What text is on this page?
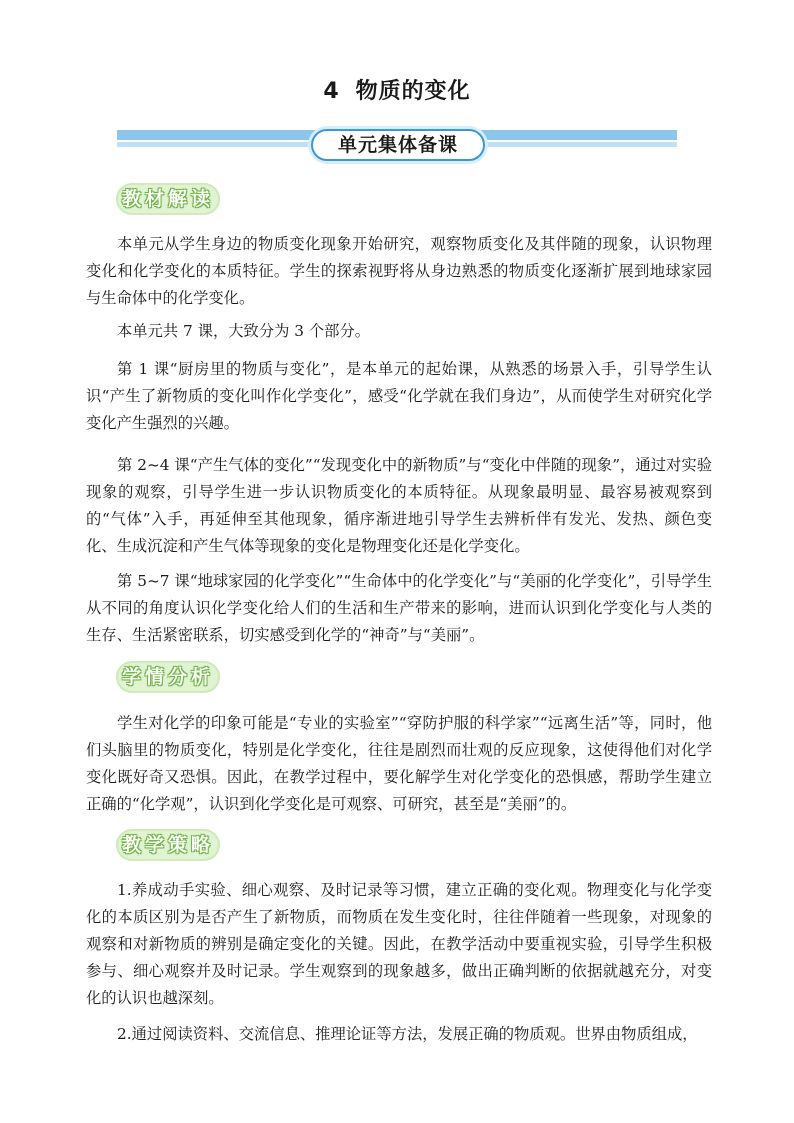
4 物质的变化
单元集体备课
教材解读

本单元从学生身边的物质变化现象开始研究，观察物质变化及其伴随的现象，认识物理变化和化学变化的本质特征。学生的探索视野将从身边熟悉的物质变化逐渐扩展到地球家园与生命体中的化学变化。

本单元共 7 课，大致分为 3 个部分。

第 1 课“厨房里的物质与变化”，是本单元的起始课，从熟悉的场景入手，引导学生认识“产生了新物质的变化叫作化学变化”，感受“化学就在我们身边”，从而使学生对研究化学变化产生强烈的兴趣。

第 2~4 课“产生气体的变化”“发现变化中的新物质”与“变化中伴随的现象”，通过对实验现象的观察，引导学生进一步认识物质变化的本质特征。从现象最明显、最容易被观察到的“气体”入手，再延伸至其他现象，循序渐进地引导学生去辨析伴有发光、发热、颜色变化、生成沉淀和产生气体等现象的变化是物理变化还是化学变化。

第 5~7 课“地球家园的化学变化”“生命体中的化学变化”与“美丽的化学变化”，引导学生从不同的角度认识化学变化给人们的生活和生产带来的影响，进而认识到化学变化与人类的生存、生活紧密联系，切实感受到化学的“神奇”与“美丽”。

学情分析

学生对化学的印象可能是“专业的实验室”“穿防护服的科学家”“远离生活”等，同时，他们头脑里的物质变化，特别是化学变化，往往是剧烈而壮观的反应现象，这使得他们对化学变化既好奇又恐惧。因此，在教学过程中，要化解学生对化学变化的恐惧感，帮助学生建立正确的“化学观”，认识到化学变化是可观察、可研究，甚至是“美丽”的。

教学策略

1.养成动手实验、细心观察、及时记录等习惯，建立正确的变化观。物理变化与化学变化的本质区别为是否产生了新物质，而物质在发生变化时，往往伴随着一些现象，对现象的观察和对新物质的辨别是确定变化的关键。因此，在教学活动中要重视实验，引导学生积极参与、细心观察并及时记录。学生观察到的现象越多，做出正确判断的依据就越充分，对变化的认识也越深刻。

2.通过阅读资料、交流信息、推理论证等方法，发展正确的物质观。世界由物质组成，
